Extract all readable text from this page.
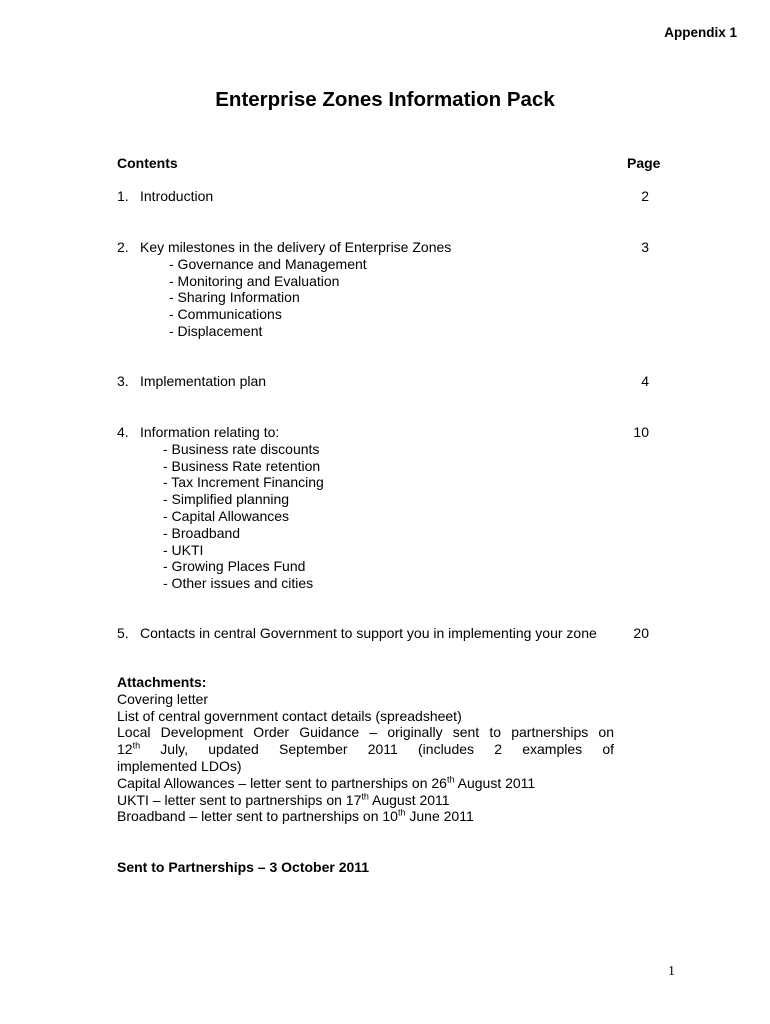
Appendix 1
Enterprise Zones Information Pack
Contents	Page
1. Introduction	2
2. Key milestones in the delivery of Enterprise Zones	3
- Governance and Management
- Monitoring and Evaluation
- Sharing Information
- Communications
- Displacement
3. Implementation plan	4
4. Information relating to:	10
- Business rate discounts
- Business Rate retention
- Tax Increment Financing
- Simplified planning
- Capital Allowances
- Broadband
- UKTI
- Growing Places Fund
- Other issues and cities
5. Contacts in central Government to support you in implementing your zone	20
Attachments:
Covering letter
List of central government contact details (spreadsheet)
Local Development Order Guidance – originally sent to partnerships on
12th July, updated September 2011 (includes 2 examples of
implemented LDOs)
Capital Allowances – letter sent to partnerships on 26th August 2011
UKTI – letter sent to partnerships on 17th August 2011
Broadband – letter sent to partnerships on 10th June 2011
Sent to Partnerships – 3 October 2011
1
